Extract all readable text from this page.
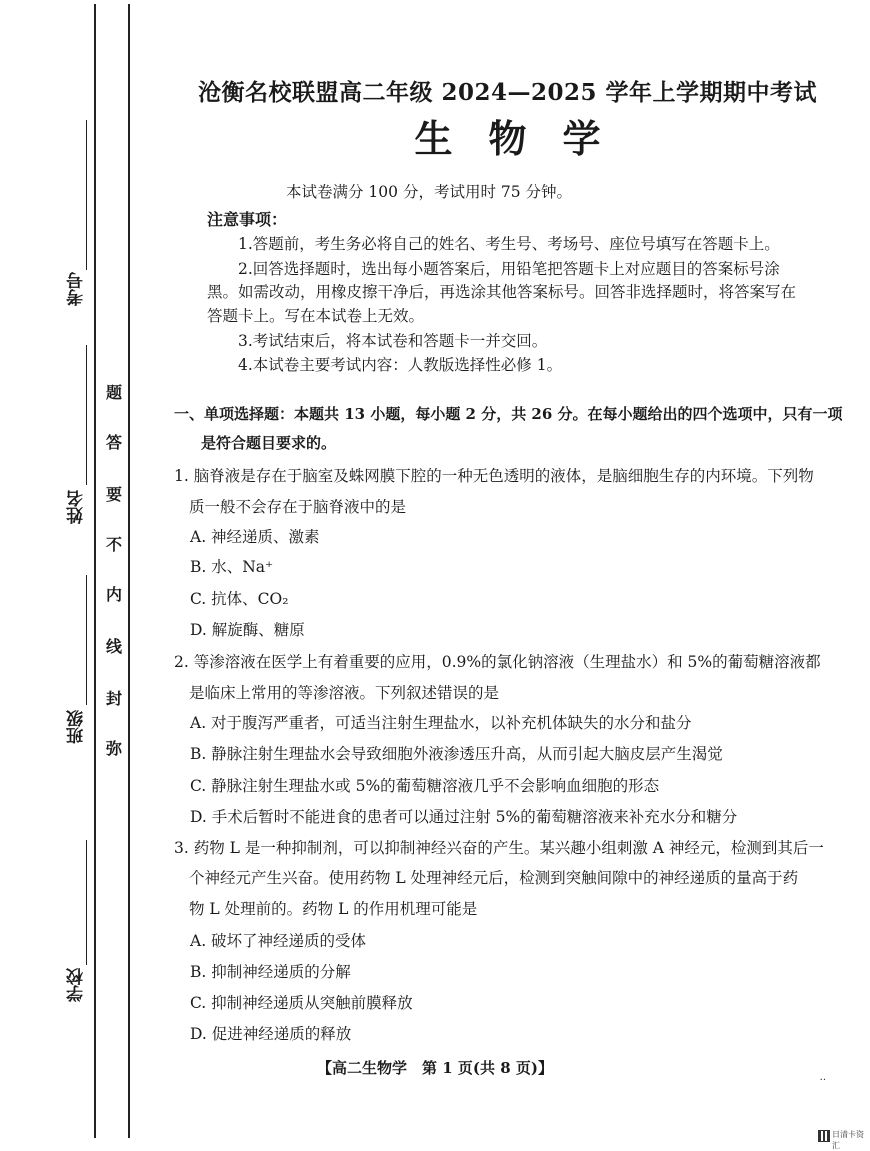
考号
姓名
班级
学校
题
答
要
不
内
线
封
弥
沧衡名校联盟高二年级 2024—2025 学年上学期期中考试
生物学
本试卷满分 100 分，考试用时 75 分钟。
注意事项：
1.答题前，考生务必将自己的姓名、考生号、考场号、座位号填写在答题卡上。
2.回答选择题时，选出每小题答案后，用铅笔把答题卡上对应题目的答案标号涂
黑。如需改动，用橡皮擦干净后，再选涂其他答案标号。回答非选择题时，将答案写在
答题卡上。写在本试卷上无效。
3.考试结束后，将本试卷和答题卡一并交回。
4.本试卷主要考试内容：人教版选择性必修 1。
一、单项选择题：本题共 13 小题，每小题 2 分，共 26 分。在每小题给出的四个选项中，只有一项
是符合题目要求的。
1. 脑脊液是存在于脑室及蛛网膜下腔的一种无色透明的液体，是脑细胞生存的内环境。下列物
质一般不会存在于脑脊液中的是
A. 神经递质、激素
B. 水、Na⁺
C. 抗体、CO₂
D. 解旋酶、糖原
2. 等渗溶液在医学上有着重要的应用，0.9%的氯化钠溶液（生理盐水）和 5%的葡萄糖溶液都
是临床上常用的等渗溶液。下列叙述错误的是
A. 对于腹泻严重者，可适当注射生理盐水，以补充机体缺失的水分和盐分
B. 静脉注射生理盐水会导致细胞外液渗透压升高，从而引起大脑皮层产生渴觉
C. 静脉注射生理盐水或 5%的葡萄糖溶液几乎不会影响血细胞的形态
D. 手术后暂时不能进食的患者可以通过注射 5%的葡萄糖溶液来补充水分和糖分
3. 药物 L 是一种抑制剂，可以抑制神经兴奋的产生。某兴趣小组刺激 A 神经元，检测到其后一
个神经元产生兴奋。使用药物 L 处理神经元后，检测到突触间隙中的神经递质的量高于药
物 L 处理前的。药物 L 的作用机理可能是
A. 破坏了神经递质的受体
B. 抑制神经递质的分解
C. 抑制神经递质从突触前膜释放
D. 促进神经递质的释放
【高二生物学　第 1 页(共 8 页)】
..
日清卡资汇
